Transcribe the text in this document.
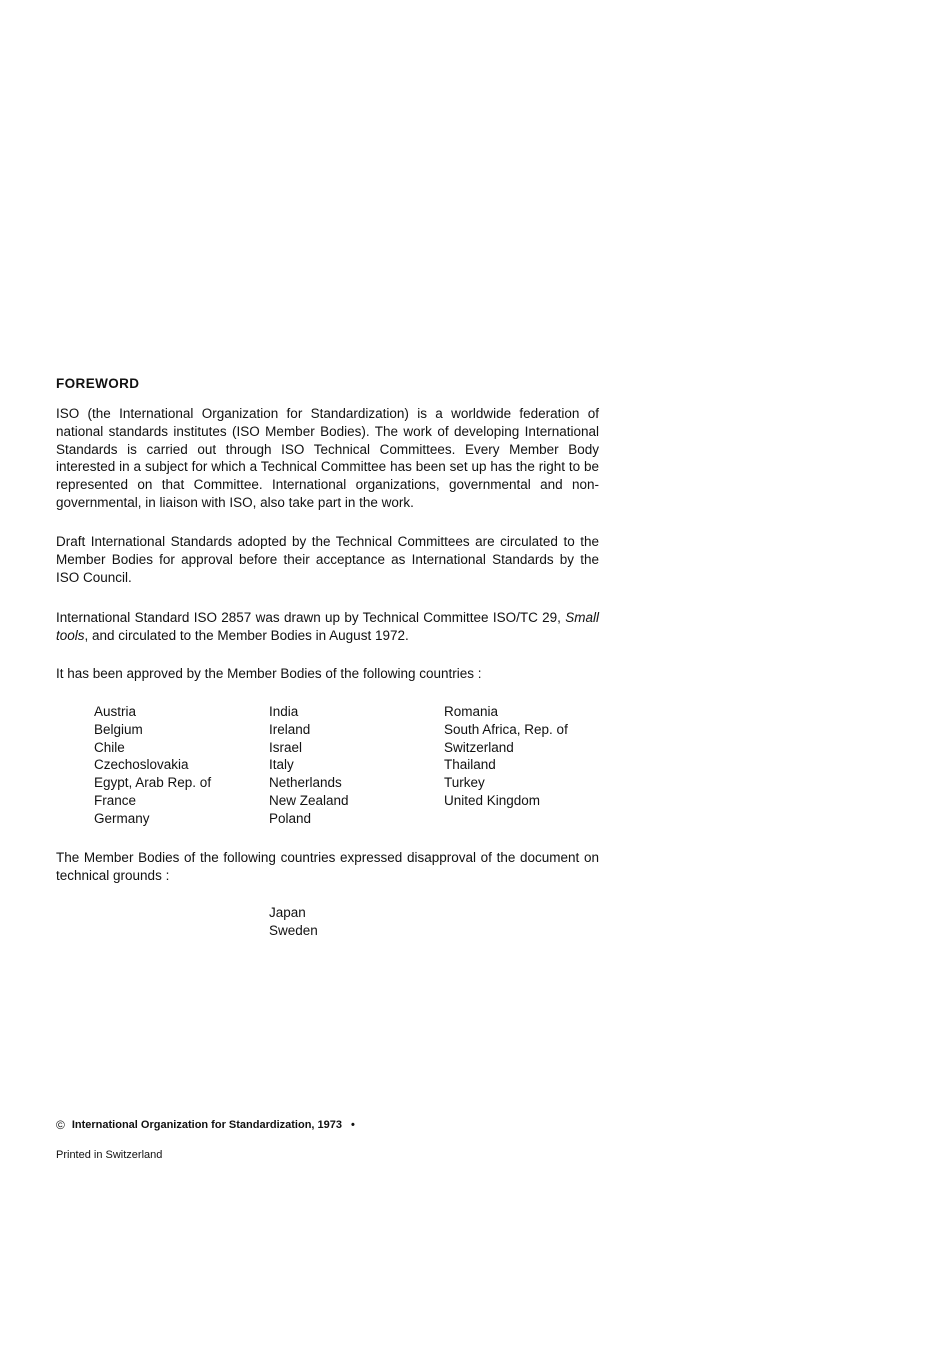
FOREWORD

ISO (the International Organization for Standardization) is a worldwide federation of national standards institutes (ISO Member Bodies). The work of developing International Standards is carried out through ISO Technical Committees. Every Member Body interested in a subject for which a Technical Committee has been set up has the right to be represented on that Committee. International organizations, governmental and non-governmental, in liaison with ISO, also take part in the work.

Draft International Standards adopted by the Technical Committees are circulated to the Member Bodies for approval before their acceptance as International Standards by the ISO Council.

International Standard ISO 2857 was drawn up by Technical Committee ISO/TC 29, Small tools, and circulated to the Member Bodies in August 1972.

It has been approved by the Member Bodies of the following countries :

Austria
Belgium
Chile
Czechoslovakia
Egypt, Arab Rep. of
France
Germany
India
Ireland
Israel
Italy
Netherlands
New Zealand
Poland
Romania
South Africa, Rep. of
Switzerland
Thailand
Turkey
United Kingdom

The Member Bodies of the following countries expressed disapproval of the document on technical grounds :

Japan
Sweden
© International Organization for Standardization, 1973 •
Printed in Switzerland
